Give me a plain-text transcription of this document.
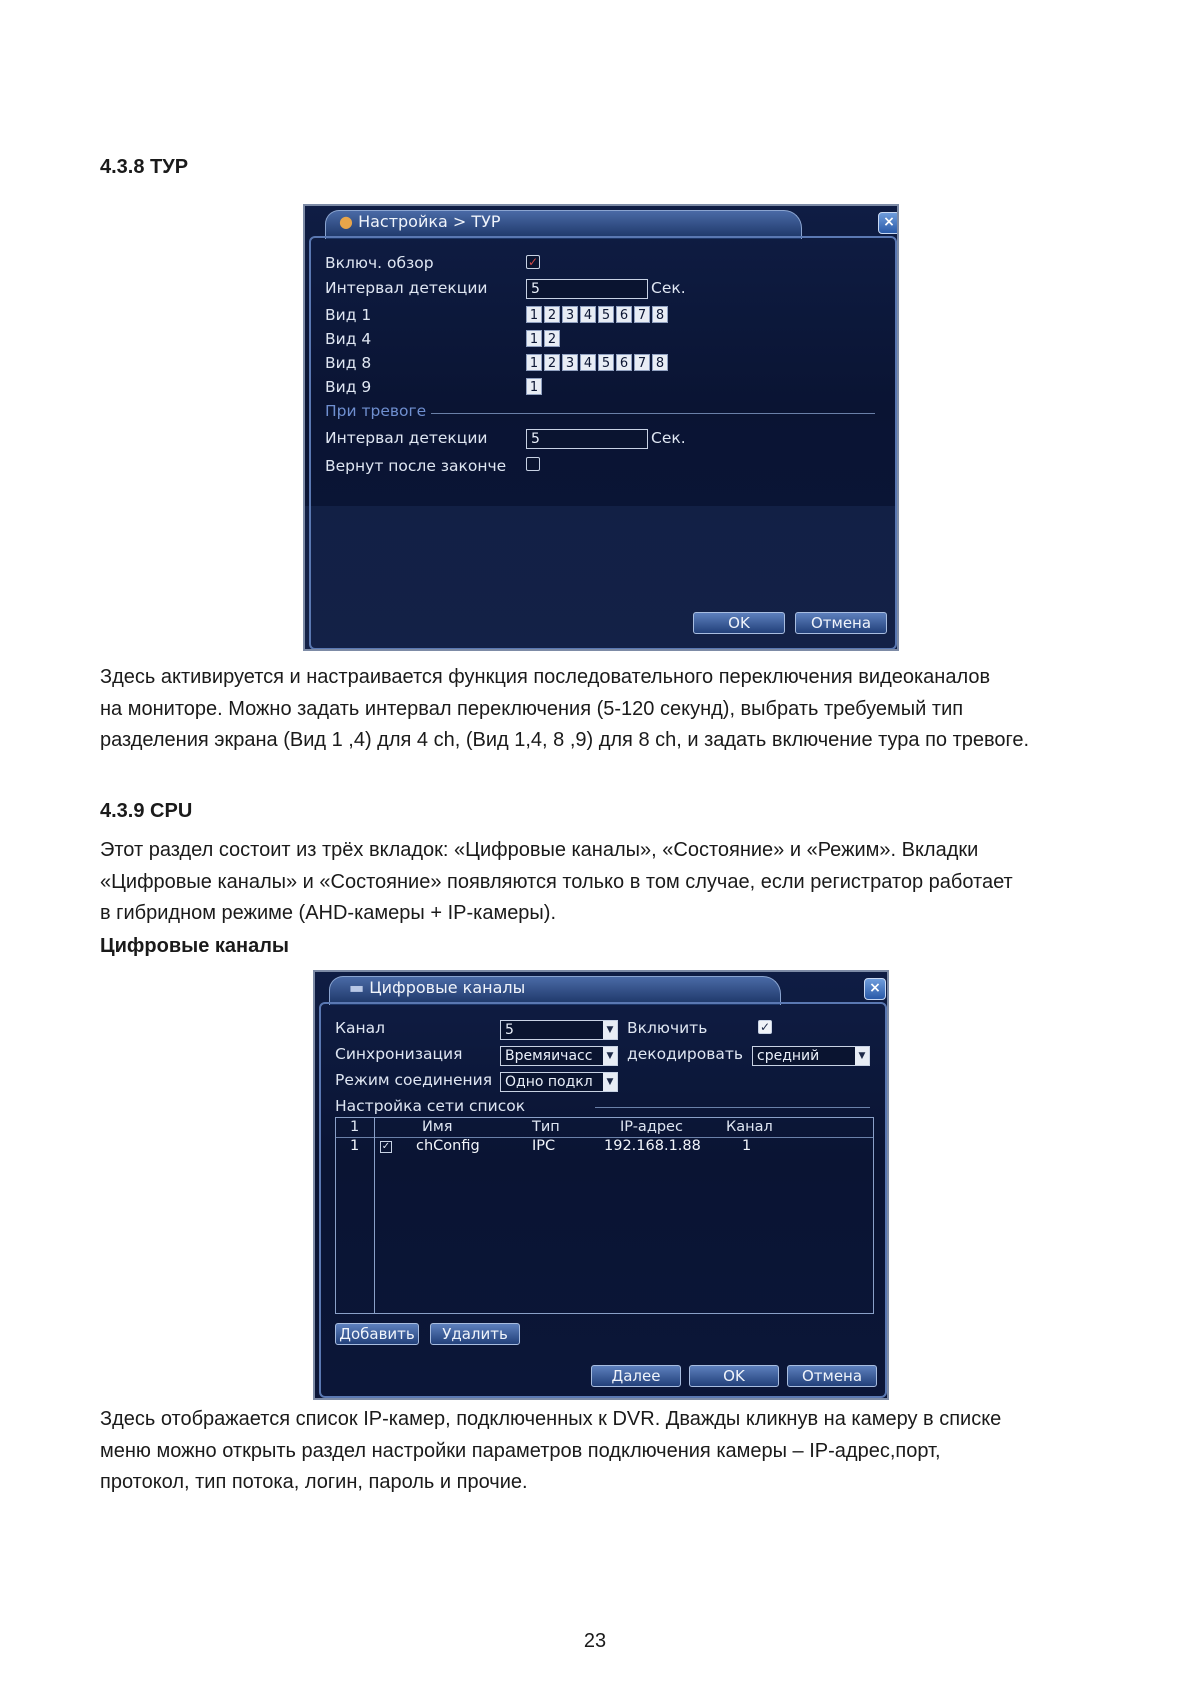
4.3.8 ТУР
● Настройка > ТУР	×
Включ. обзор	✓
Интервал детекции	5	Сек.
Вид 1	1 2 3 4 5 6 7 8
Вид 4	1 2
Вид 8	1 2 3 4 5 6 7 8
Вид 9	1
При тревоге
Интервал детекции	5	Сек.
Вернут после законче
OK	Отмена

Здесь активируется и настраивается функция последовательного переключения видеоканалов
на мониторе. Можно задать интервал переключения (5-120 секунд), выбрать требуемый тип
разделения экрана (Вид 1 ,4) для 4 ch, (Вид 1,4, 8 ,9) для 8 ch, и задать включение тура по тревоге.

4.3.9 CPU

Этот раздел состоит из трёх вкладок: «Цифровые каналы», «Состояние» и «Режим». Вкладки
«Цифровые каналы» и «Состояние» появляются только в том случае, если регистратор работает
в гибридном режиме (AHD-камеры + IP-камеры).

Цифровые каналы
▬ Цифровые каналы	×
Канал	5	▼ Включить	✓
Синхронизация	Времяичасс	▼ декодировать средний	▼
Режим соединения Одно подкл	▼
Настройка сети список
1	Имя	Тип	IP-адрес	Канал
1 ✓ chConfig	IPC	192.168.1.88	1
Добавить	Удалить
Далее	OK	Отмена

Здесь отображается список IP-камер, подключенных к DVR. Дважды кликнув на камеру в списке
меню можно открыть раздел настройки параметров подключения камеры – IP-адрес,порт,
протокол, тип потока, логин, пароль и прочие.

23
